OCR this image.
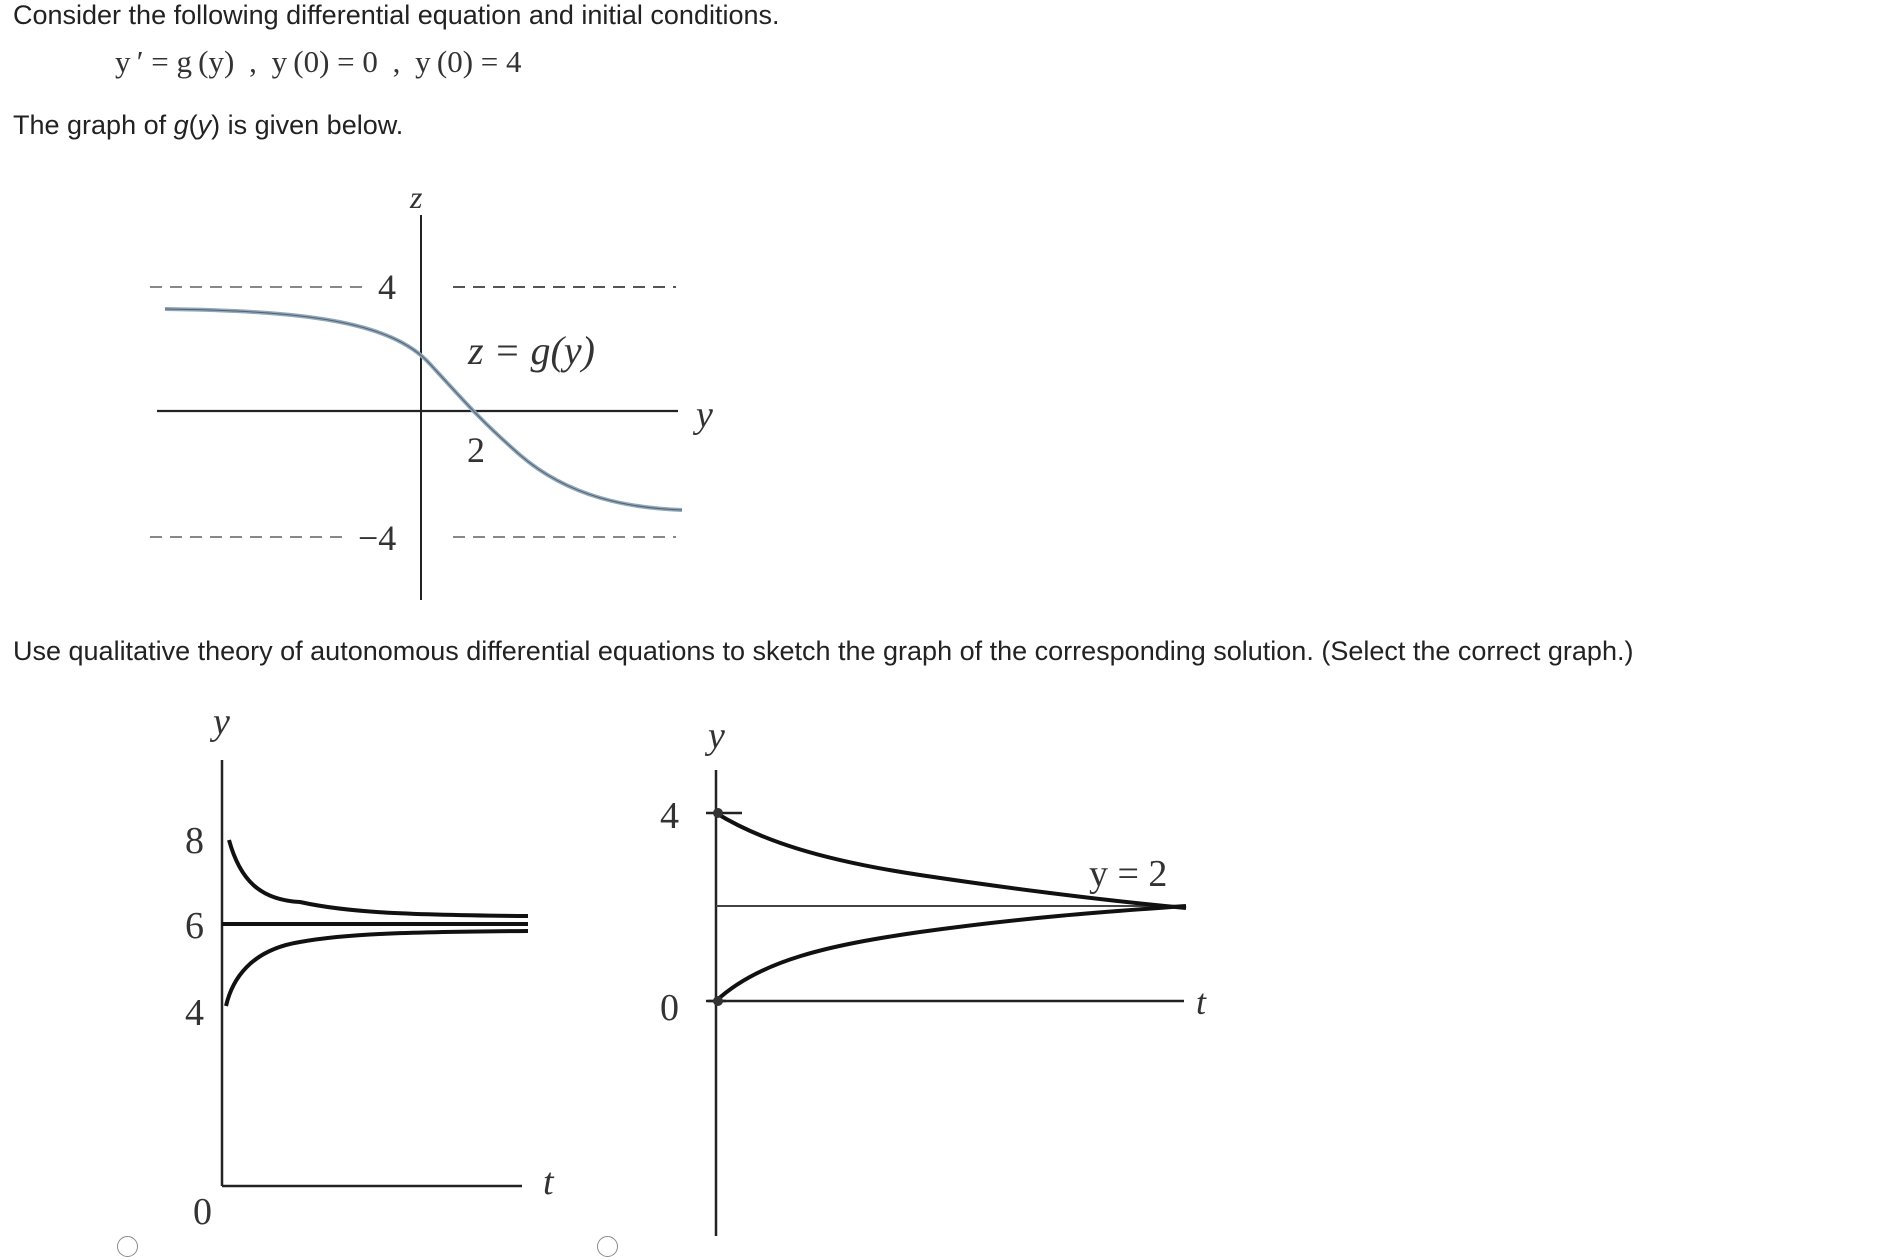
Consider the following differential equation and initial conditions.
y ′ = g (y) , y (0) = 0 , y (0) = 4
The graph of g(y) is given below.
z
y
4
−4
2
z = g(y)
y
t
0
8
6
4
y
t
4
0
y = 2
Use qualitative theory of autonomous differential equations to sketch the graph of the corresponding solution. (Select the correct graph.)
